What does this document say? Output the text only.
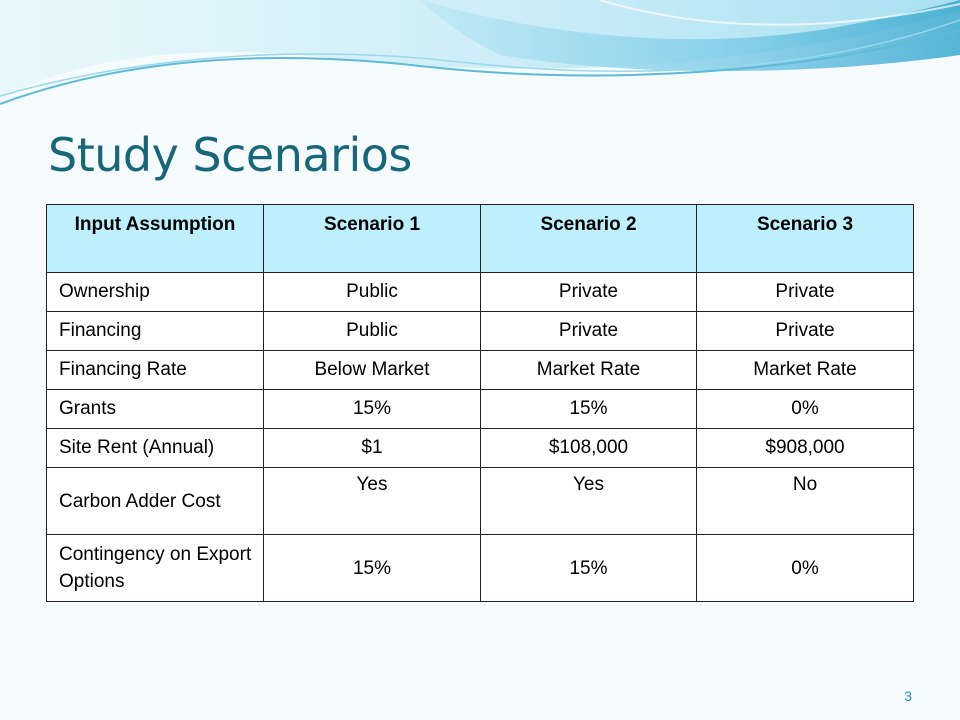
Study Scenarios
Input Assumption	Scenario 1	Scenario 2	Scenario 3
Ownership	Public	Private	Private
Financing	Public	Private	Private
Financing Rate	Below Market	Market Rate	Market Rate
Grants	15%	15%	0%
Site Rent (Annual)	$1	$108,000	$908,000
Carbon Adder Cost	Yes	Yes	No
Contingency on Export Options	15%	15%	0%
3
